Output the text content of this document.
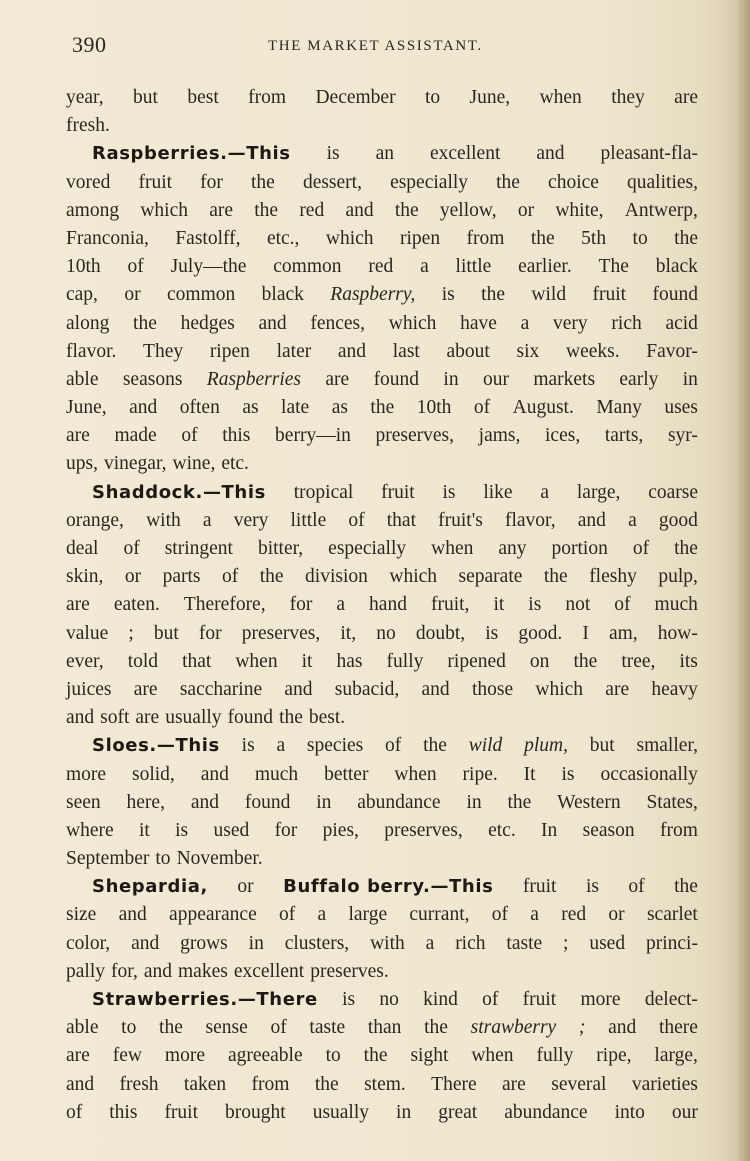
390	THE MARKET ASSISTANT.
year, but best from December to June, when they are
fresh.
Raspberries.—This is an excellent and pleasant-fla-
vored fruit for the dessert, especially the choice qualities,
among which are the red and the yellow, or white, Antwerp,
Franconia, Fastolff, etc., which ripen from the 5th to the
10th of July—the common red a little earlier. The black
cap, or common black Raspberry, is the wild fruit found
along the hedges and fences, which have a very rich acid
flavor. They ripen later and last about six weeks. Favor-
able seasons Raspberries are found in our markets early in
June, and often as late as the 10th of August. Many uses
are made of this berry—in preserves, jams, ices, tarts, syr-
ups, vinegar, wine, etc.
Shaddock.—This tropical fruit is like a large, coarse
orange, with a very little of that fruit's flavor, and a good
deal of stringent bitter, especially when any portion of the
skin, or parts of the division which separate the fleshy pulp,
are eaten. Therefore, for a hand fruit, it is not of much
value ; but for preserves, it, no doubt, is good. I am, how-
ever, told that when it has fully ripened on the tree, its
juices are saccharine and subacid, and those which are heavy
and soft are usually found the best.
Sloes.—This is a species of the wild plum, but smaller,
more solid, and much better when ripe. It is occasionally
seen here, and found in abundance in the Western States,
where it is used for pies, preserves, etc. In season from
September to November.
Shepardia, or Buffalo berry.—This fruit is of the
size and appearance of a large currant, of a red or scarlet
color, and grows in clusters, with a rich taste ; used princi-
pally for, and makes excellent preserves.
Strawberries.—There is no kind of fruit more delect-
able to the sense of taste than the strawberry ; and there
are few more agreeable to the sight when fully ripe, large,
and fresh taken from the stem. There are several varieties
of this fruit brought usually in great abundance into our
